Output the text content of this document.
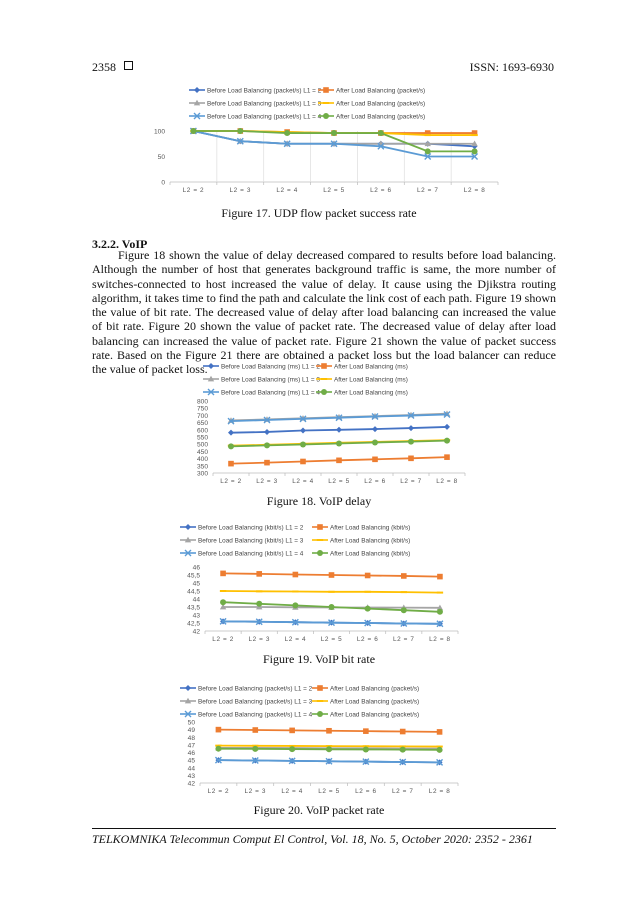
2358	ISSN: 1693-6930
Before Load Balancing (packet/s) L1 = 2 After Load Balancing (packet/s)
Before Load Balancing (packet/s) L1 = 3 After Load Balancing (packet/s)
Before Load Balancing (packet/s) L1 = 4 After Load Balancing (packet/s)
0
50
100
L2 = 2	L2 = 3	L2 = 4	L2 = 5	L2 = 6	L2 = 7	L2 = 8
Figure 17. UDP flow packet success rate
3.2.2. VoIP
Figure 18 shown the value of delay decreased compared to results before load balancing. Although the number of host that generates background traffic is same, the more number of switches-connected to host increased the value of delay. It cause using the Djikstra routing algorithm, it takes time to find the path and calculate the link cost of each path. Figure 19 shown the value of bit rate. The decreased value of delay after load balancing can increased the value of bit rate. Figure 20 shown the value of packet rate. The decreased value of delay after load balancing can increased the value of packet rate. Figure 21 shown the value of packet success rate. Based on the Figure 21 there are obtained a packet loss but the load balancer can reduce the value of packet loss.	Before Load Balancing (ms) L1 = 2 After Load Balancing (ms)
Before Load Balancing (ms) L1 = 3 After Load Balancing (ms)
Before Load Balancing (ms) L1 = 4 After Load Balancing (ms)
300
350
400
450
500
550
600
650
700
750
800
L2 = 2 L2 = 3 L2 = 4 L2 = 5 L2 = 6 L2 = 7 L2 = 8
Figure 18. VoIP delay
Before Load Balancing (kbit/s) L1 = 2	After Load Balancing (kbit/s)
Before Load Balancing (kbit/s) L1 = 3	After Load Balancing (kbit/s)
Before Load Balancing (kbit/s) L1 = 4	After Load Balancing (kbit/s)
42
42,5
43
43,5
44
44,5
45
45,5
46
L2 = 2 L2 = 3 L2 = 4 L2 = 5 L2 = 6 L2 = 7 L2 = 8
Figure 19. VoIP bit rate
Before Load Balancing (packet/s) L1 = 2	After Load Balancing (packet/s)
Before Load Balancing (packet/s) L1 = 3	After Load Balancing (packet/s)
Before Load Balancing (packet/s) L1 = 4	After Load Balancing (packet/s)
42
43
44
45
46
47
48
49
50
L2 = 2 L2 = 3 L2 = 4 L2 = 5 L2 = 6 L2 = 7 L2 = 8
Figure 20. VoIP packet rate
TELKOMNIKA Telecommun Comput El Control, Vol. 18, No. 5, October 2020: 2352 - 2361
